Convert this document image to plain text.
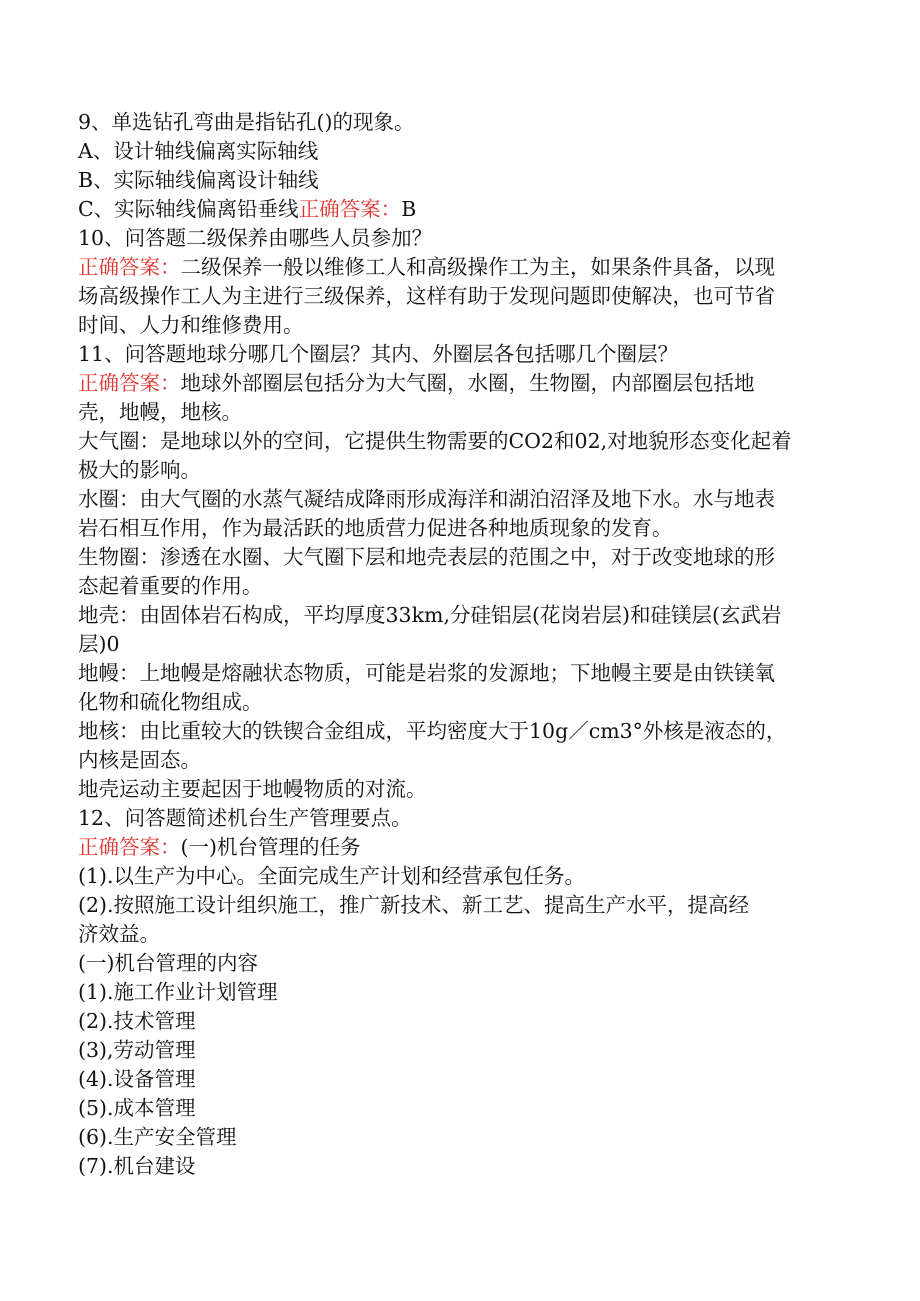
9、单选钻孔弯曲是指钻孔()的现象。
A、设计轴线偏离实际轴线
B、实际轴线偏离设计轴线
C、实际轴线偏离铅垂线正确答案：B
10、问答题二级保养由哪些人员参加？
正确答案：二级保养一般以维修工人和高级操作工为主，如果条件具备，以现
场高级操作工人为主进行三级保养，这样有助于发现问题即使解决，也可节省
时间、人力和维修费用。
11、问答题地球分哪几个圈层？其内、外圈层各包括哪几个圈层？
正确答案：地球外部圈层包括分为大气圈，水圈，生物圈，内部圈层包括地
壳，地幔，地核。
大气圈：是地球以外的空间，它提供生物需要的CO2和02,对地貌形态变化起着
极大的影响。
水圈：由大气圈的水蒸气凝结成降雨形成海洋和湖泊沼泽及地下水。水与地表
岩石相互作用，作为最活跃的地质营力促进各种地质现象的发育。
生物圈：渗透在水圈、大气圈下层和地壳表层的范围之中，对于改变地球的形
态起着重要的作用。
地壳：由固体岩石构成，平均厚度33km,分硅铝层(花岗岩层)和硅镁层(玄武岩
层)0
地幔：上地幔是熔融状态物质，可能是岩浆的发源地；下地幔主要是由铁镁氧
化物和硫化物组成。
地核：由比重较大的铁锲合金组成，平均密度大于10g／cm3°外核是液态的，
内核是固态。
地壳运动主要起因于地幔物质的对流。
12、问答题简述机台生产管理要点。
正确答案：(一)机台管理的任务
(1).以生产为中心。全面完成生产计划和经营承包任务。
(2).按照施工设计组织施工，推广新技术、新工艺、提高生产水平，提高经
济效益。
(一)机台管理的内容
(1).施工作业计划管理
(2).技术管理
(3),劳动管理
(4).设备管理
(5).成本管理
(6).生产安全管理
(7).机台建设
